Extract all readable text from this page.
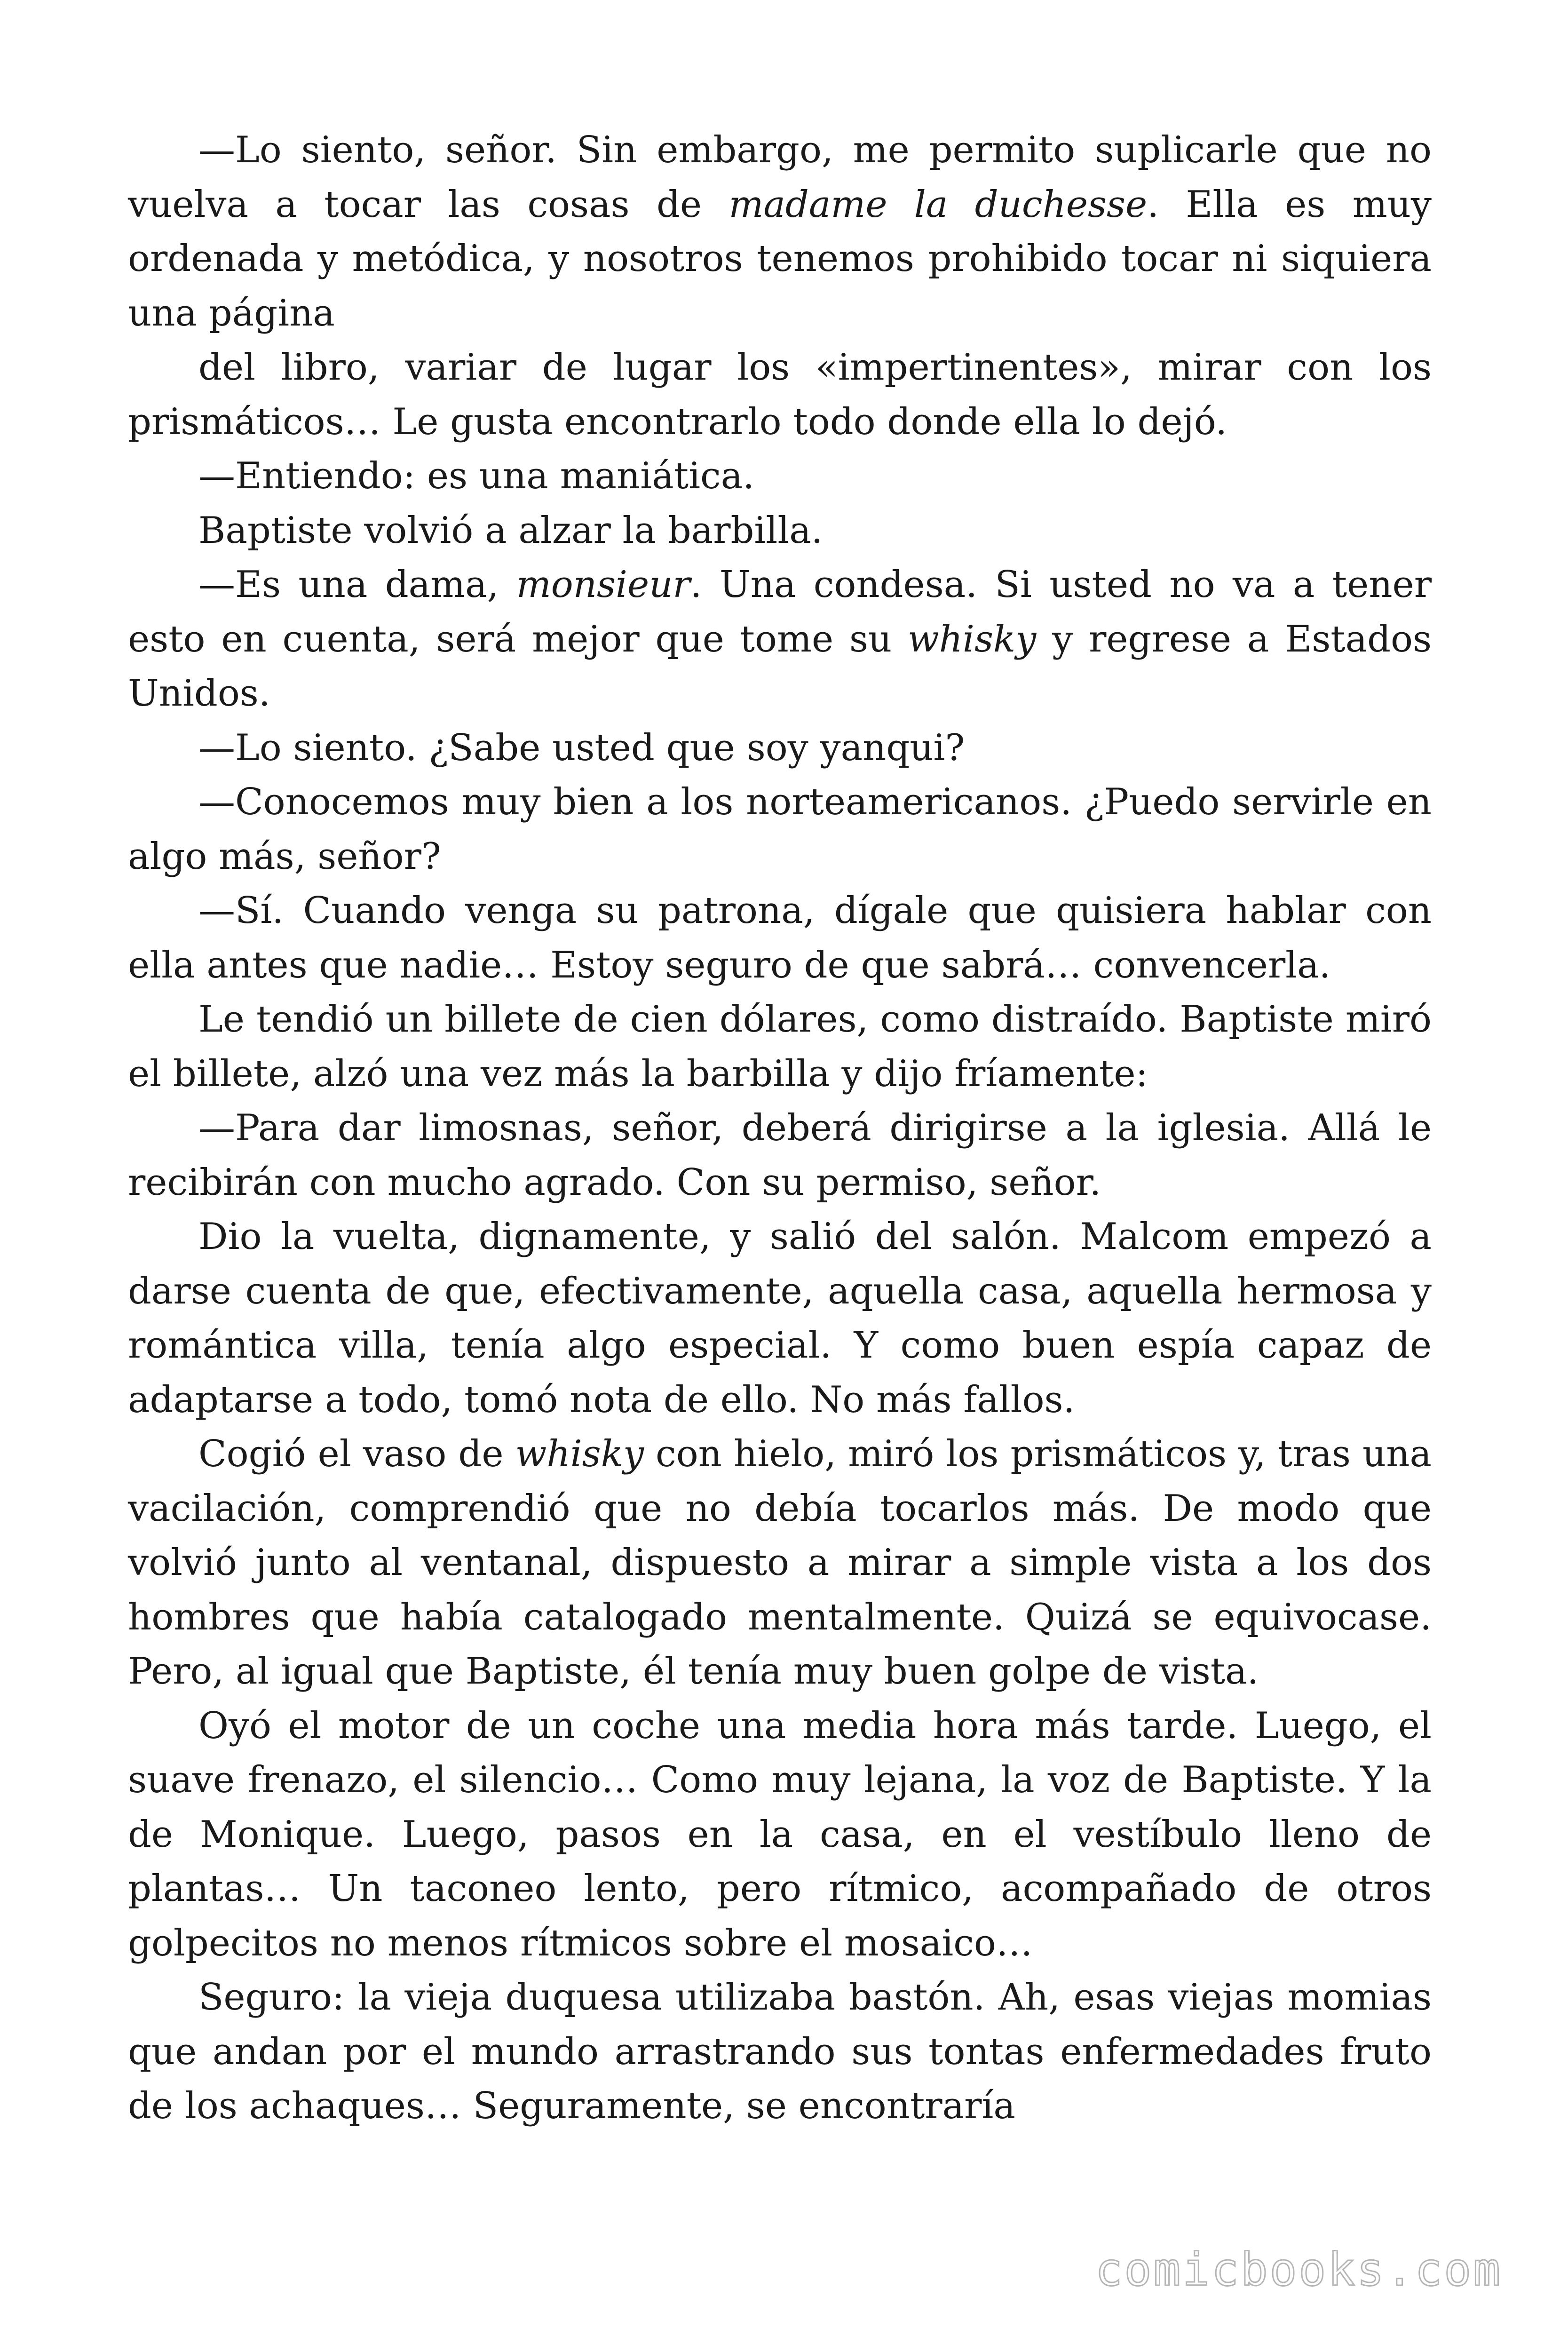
—Lo siento, señor. Sin embargo, me permito suplicarle que no vuelva a tocar las cosas de madame la duchesse. Ella es muy ordenada y metódica, y nosotros tenemos prohibido tocar ni siquiera una página

del libro, variar de lugar los «impertinentes», mirar con los prismáticos… Le gusta encontrarlo todo donde ella lo dejó.

—Entiendo: es una maniática.

Baptiste volvió a alzar la barbilla.

—Es una dama, monsieur. Una condesa. Si usted no va a tener esto en cuenta, será mejor que tome su whisky y regrese a Estados Unidos.

—Lo siento. ¿Sabe usted que soy yanqui?

—Conocemos muy bien a los norteamericanos. ¿Puedo servirle en algo más, señor?

—Sí. Cuando venga su patrona, dígale que quisiera hablar con ella antes que nadie… Estoy seguro de que sabrá… convencerla.

Le tendió un billete de cien dólares, como distraído. Baptiste miró el billete, alzó una vez más la barbilla y dijo fríamente:

—Para dar limosnas, señor, deberá dirigirse a la iglesia. Allá le recibirán con mucho agrado. Con su permiso, señor.

Dio la vuelta, dignamente, y salió del salón. Malcom empezó a darse cuenta de que, efectivamente, aquella casa, aquella hermosa y romántica villa, tenía algo especial. Y como buen espía capaz de adaptarse a todo, tomó nota de ello. No más fallos.

Cogió el vaso de whisky con hielo, miró los prismáticos y, tras una vacilación, comprendió que no debía tocarlos más. De modo que volvió junto al ventanal, dispuesto a mirar a simple vista a los dos hombres que había catalogado mentalmente. Quizá se equivocase. Pero, al igual que Baptiste, él tenía muy buen golpe de vista.

Oyó el motor de un coche una media hora más tarde. Luego, el suave frenazo, el silencio… Como muy lejana, la voz de Baptiste. Y la de Monique. Luego, pasos en la casa, en el vestíbulo lleno de plantas… Un taconeo lento, pero rítmico, acompañado de otros golpecitos no menos rítmicos sobre el mosaico…

Seguro: la vieja duquesa utilizaba bastón. Ah, esas viejas momias que andan por el mundo arrastrando sus tontas enfermedades fruto de los achaques… Seguramente, se encontraría

comicbooks.com
